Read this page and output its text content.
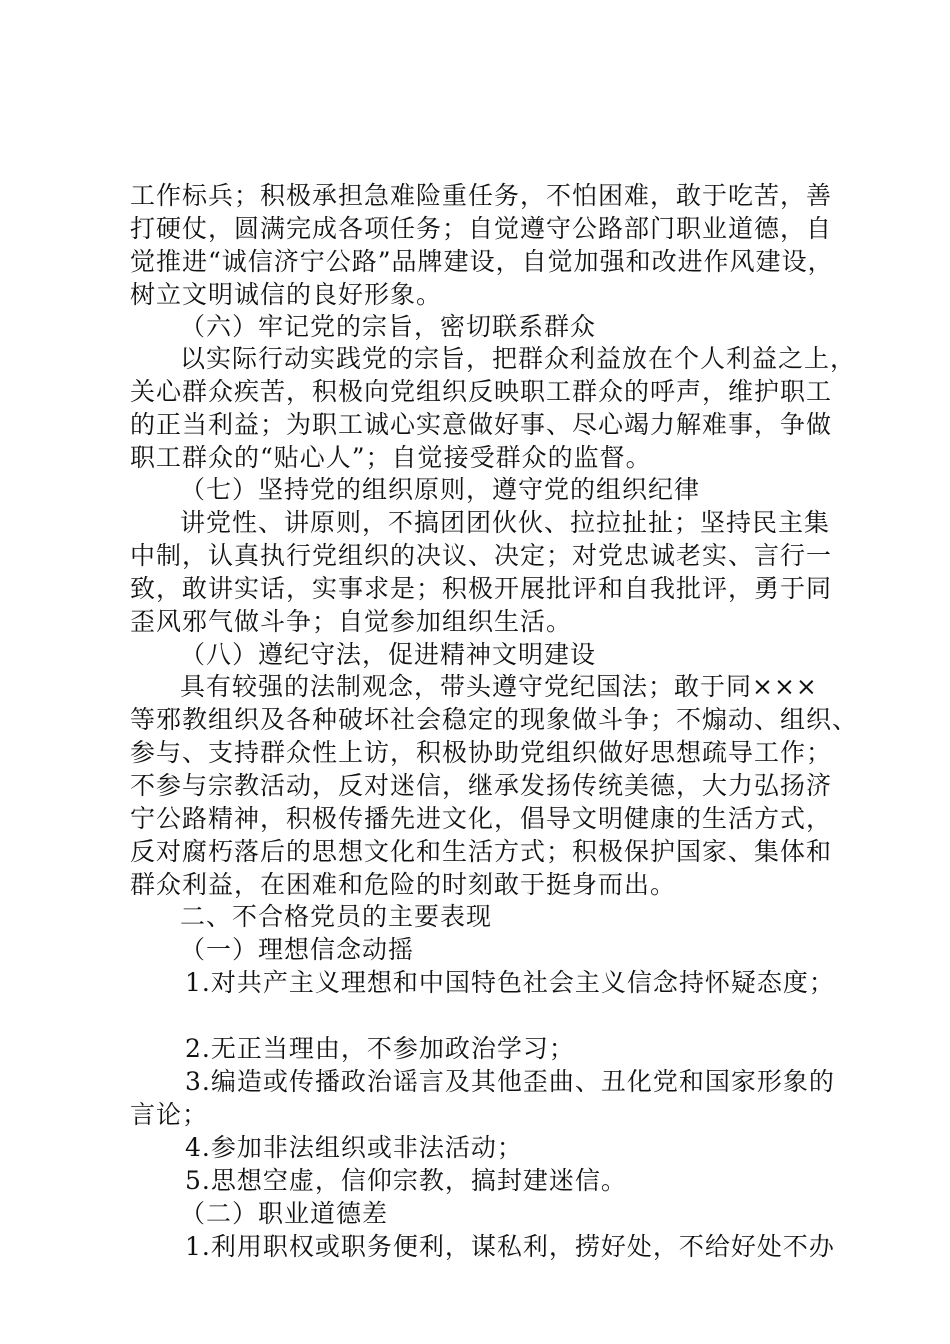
工作标兵；积极承担急难险重任务，不怕困难，敢于吃苦，善
打硬仗，圆满完成各项任务；自觉遵守公路部门职业道德，自
觉推进“诚信济宁公路”品牌建设，自觉加强和改进作风建设，
树立文明诚信的良好形象。
（六）牢记党的宗旨，密切联系群众
以实际行动实践党的宗旨，把群众利益放在个人利益之上，
关心群众疾苦，积极向党组织反映职工群众的呼声，维护职工
的正当利益；为职工诚心实意做好事、尽心竭力解难事，争做
职工群众的“贴心人”；自觉接受群众的监督。
（七）坚持党的组织原则，遵守党的组织纪律
讲党性、讲原则，不搞团团伙伙、拉拉扯扯；坚持民主集
中制，认真执行党组织的决议、决定；对党忠诚老实、言行一
致，敢讲实话，实事求是；积极开展批评和自我批评，勇于同
歪风邪气做斗争；自觉参加组织生活。
（八）遵纪守法，促进精神文明建设
具有较强的法制观念，带头遵守党纪国法；敢于同×××
等邪教组织及各种破坏社会稳定的现象做斗争；不煽动、组织、
参与、支持群众性上访，积极协助党组织做好思想疏导工作；
不参与宗教活动，反对迷信，继承发扬传统美德，大力弘扬济
宁公路精神，积极传播先进文化，倡导文明健康的生活方式，
反对腐朽落后的思想文化和生活方式；积极保护国家、集体和
群众利益，在困难和危险的时刻敢于挺身而出。
二、不合格党员的主要表现
（一）理想信念动摇
1.对共产主义理想和中国特色社会主义信念持怀疑态度；
2.无正当理由，不参加政治学习；
3.编造或传播政治谣言及其他歪曲、丑化党和国家形象的
言论；
4.参加非法组织或非法活动；
5.思想空虚，信仰宗教，搞封建迷信。
（二）职业道德差
1.利用职权或职务便利，谋私利，捞好处，不给好处不办
